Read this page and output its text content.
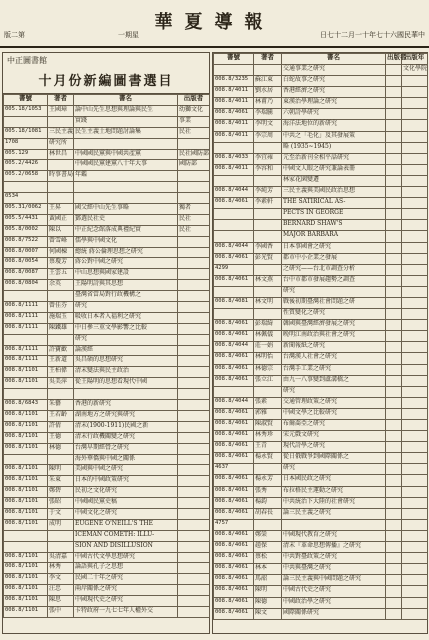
華夏導報
版二第	一期星	日七十二月一十年七十六國民華中
中正圖書館
十月份新編圖書選目
書號	著者	書名	出版者
005.18/1053	王國璋	論中山先生思想與理論與民生	幼獅文化
		實踐	事業
005.18/1081	三民主義	民生主義土地問題討論集	民社
1708	研究所		
005.129	林世昌	中國國民黨與中國共產黨	民社國防部
005.2/4426		中國國民黨建黨八十年大事	國防部
005.2/0658	時事書局	年鑑	

0534			
005.31/0062	王昇	國父經中山先生事略	獨者
005.5/4431	黃國正	鄧選民社史	民社
005.8/0002	陳以	中正紀念館落成典禮紀實	民社
008.8/7522	曾雪峰	儒學與中國文化	
008.8/0007	何國棟	總統 蔣公倫理思想之研究	
008.8/0054	蔡瓊芳	蔣公對中國之研究	
008.8/0087	王雲五	中山思想與國家建設	
008.8/0804	余英	王陽明詩與其思想	
		臺灣省當局對行政機構之	
008.8/1111	曾佳芬	研究	
008.8/1111	施瑞玉	吸收日本者入福利之研究	
008.8/1111	陳鐵雄	中日參三重文學影響之比較	
		研究	
008.8/1111	許寶歡	論漢經	
008.8/1111	王新道	吳昌碩的思想研究	
008.8/1101	王柏偉	清末變法與民主政治	
008.8/1101	吳美萍	從王陽明的思想看現代中國	

008.8/6843	朱藝	香港的新研究	
008.8/1101	王若齡	湖南地方之研究與研究	
008.8/1101	許倩	清末(1900-1911)民國之新	
008.8/1101	王德	清末行政機關變之研究	
008.8/1101	林德	台灣早期經營之研究	
		海外華僑與中國之關係	
008.8/1101	陳明	美國與中國之研究	
008.8/1101	朱東	日本的中國政策研究	
008.8/1101	鄭碧	民初之文化研究	
008.8/1101	張昭	中國國民黨史稿	
008.8/1101	于文	中國文化之研究	
008.8/1101	成明	EUGENE O'NEILL'S THE	
		ICEMAN COMETH: ILLU-	
		SION AND DISILLUSION	
008.8/1101	吳清嘉	中國古代文學思想研究	
008.8/1101	林秀	論語與孔子之思想	
008.8/1101	李文	民國二十年之研究	
008.8/1101	汪忠	兩岸關係之研究	
008.8/1101	陳思	中國現代史之研究	
008.8/1101	張中	卡特政府一九七七年人權外交	
書號	著者	書名	出版者	出版年
		交通事業之研究		文化學院
008.8/3235	蘇江東	白蛇故事之研究		
008.8/4011	劉水居	香港經濟之研究		
008.8/4011	林甫乃	東漢治學理論之研究		
008.8/4061	李瑞騰	六朝詩學研究		
008.8/4011	李明文	海洋法地位的新研究		
008.8/4011	李宗周	中共之「毛化」及其發展策		
		略 (1935~1945)		
008.8/4033	李宜雍	元至治新刊全相平話研究		
008.8/4011	李容和	中國文人眼之研究兼論表冊		
		林家花園變遷		
008.8/4044	李純芳	三民主義與美國民政治思想		
008.8/4061	李素軒	THE SATIRICAL AS-		
		PECTS IN GEORGE		
		BERNARD SHAW'S		
		MAJOR BARBARA		
008.8/4044	李國香	日本事國會之研究		
008.8/4061	彭光賢	都市中小企業之發展		
4299		之研究——台北市調查分析		
008.8/4061	林文燕	台中市都市發展趨勢之調查		
		研究		
008.8/4081	林文明	戰後初期臺灣社會問題之研		
		性質變化之研究		
008.8/4061	彭瑞綺	韓國與臺灣經濟發展之研究		
008.8/4061	林佩儀	晚明江南政治與社會之研究		
008.8/4044	莊一娟	新聞報紙之研究		
008.8/4061	林明怡	台灣漢人社會之研究		
008.8/4061	林德宗	台灣手工業之研究		
008.8/4061	張立江	由九一八事變到盧溝橋之		
		研究		
008.8/4044	張素	交通管理政策之研究		
008.8/4061	郭雅	中國文學之比較研究		
008.8/4061	陳淑賢	布爾喬亞之研究		
008.8/4061	林秀珍	宋元戲文研究		
008.8/4061	王青	現代詩學之研究		
008.8/4061	楊永賢	從日俄戰爭到國際關係之		
4637		研究		
008.8/4061	楊永芳	日本國民政之研究		
008.8/4061	張秀	布拉格民主運動之研究		
008.8/4061	楊鈞	中共統治下大陸的社會研究		
008.8/4061	胡春長	論三民主義之研究		
4757				
008.8/4061	鄭榮	中國現代教育之研究		
008.8/4061	趙保	清末『革命思想傳播』之研究		
008.8/4061	蔡松	中共對臺政策之研究		
008.8/4061	林本	中共與臺灣之研究		
008.8/4061	馬韶	論三民主義與中國問題之研究		
008.8/4061	陳明	中國古代史之研究		
008.8/4061	陳德	中國政治學之研究		
008.8/4061	陳文	國際關係研究		
